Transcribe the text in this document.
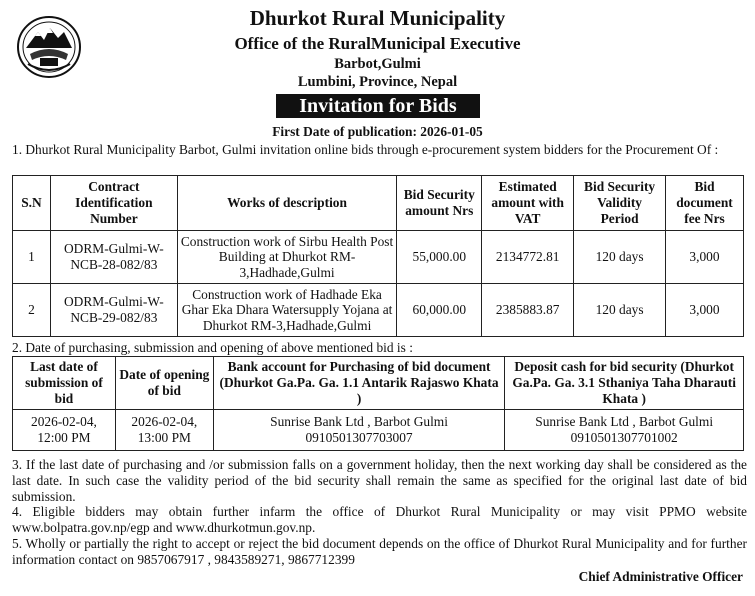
Dhurkot Rural Municipality
Office of the RuralMunicipal Executive
Barbot,Gulmi
Lumbini, Province, Nepal
Invitation for Bids
First Date of publication: 2026-01-05
1. Dhurkot Rural Municipality Barbot, Gulmi invitation online bids through e-procurement system bidders for the Procurement Of :
S.N	Contract Identification Number	Works of description	Bid Security amount Nrs	Estimated amount with VAT	Bid Security Validity Period	Bid document fee Nrs
1	ODRM-Gulmi-W-NCB-28-082/83	Construction work of Sirbu Health Post Building at Dhurkot RM-3,Hadhade,Gulmi	55,000.00	2134772.81	120 days	3,000
2	ODRM-Gulmi-W-NCB-29-082/83	Construction work of Hadhade Eka Ghar Eka Dhara Watersupply Yojana at Dhurkot RM-3,Hadhade,Gulmi	60,000.00	2385883.87	120 days	3,000
2. Date of purchasing, submission and opening of above mentioned bid is :
Last date of submission of bid	Date of opening of bid	Bank account for Purchasing of bid document (Dhurkot Ga.Pa. Ga. 1.1 Antarik Rajaswo Khata )	Deposit cash for bid security (Dhurkot Ga.Pa. Ga. 3.1 Sthaniya Taha Dharauti Khata )
2026-02-04, 12:00 PM	2026-02-04, 13:00 PM	Sunrise Bank Ltd , Barbot Gulmi 0910501307703007	Sunrise Bank Ltd , Barbot Gulmi 0910501307701002
3. If the last date of purchasing and /or submission falls on a government holiday, then the next working day shall be considered as the last date. In such case the validity period of the bid security shall remain the same as specified for the original last date of bid submission.
4. Eligible bidders may obtain further infarm the office of Dhurkot Rural Municipality or may visit PPMO website www.bolpatra.gov.np/egp and www.dhurkotmun.gov.np.
5. Wholly or partially the right to accept or reject the bid document depends on the office of Dhurkot Rural Municipality and for further information contact on 9857067917 , 9843589271, 9867712399
Chief Administrative Officer
